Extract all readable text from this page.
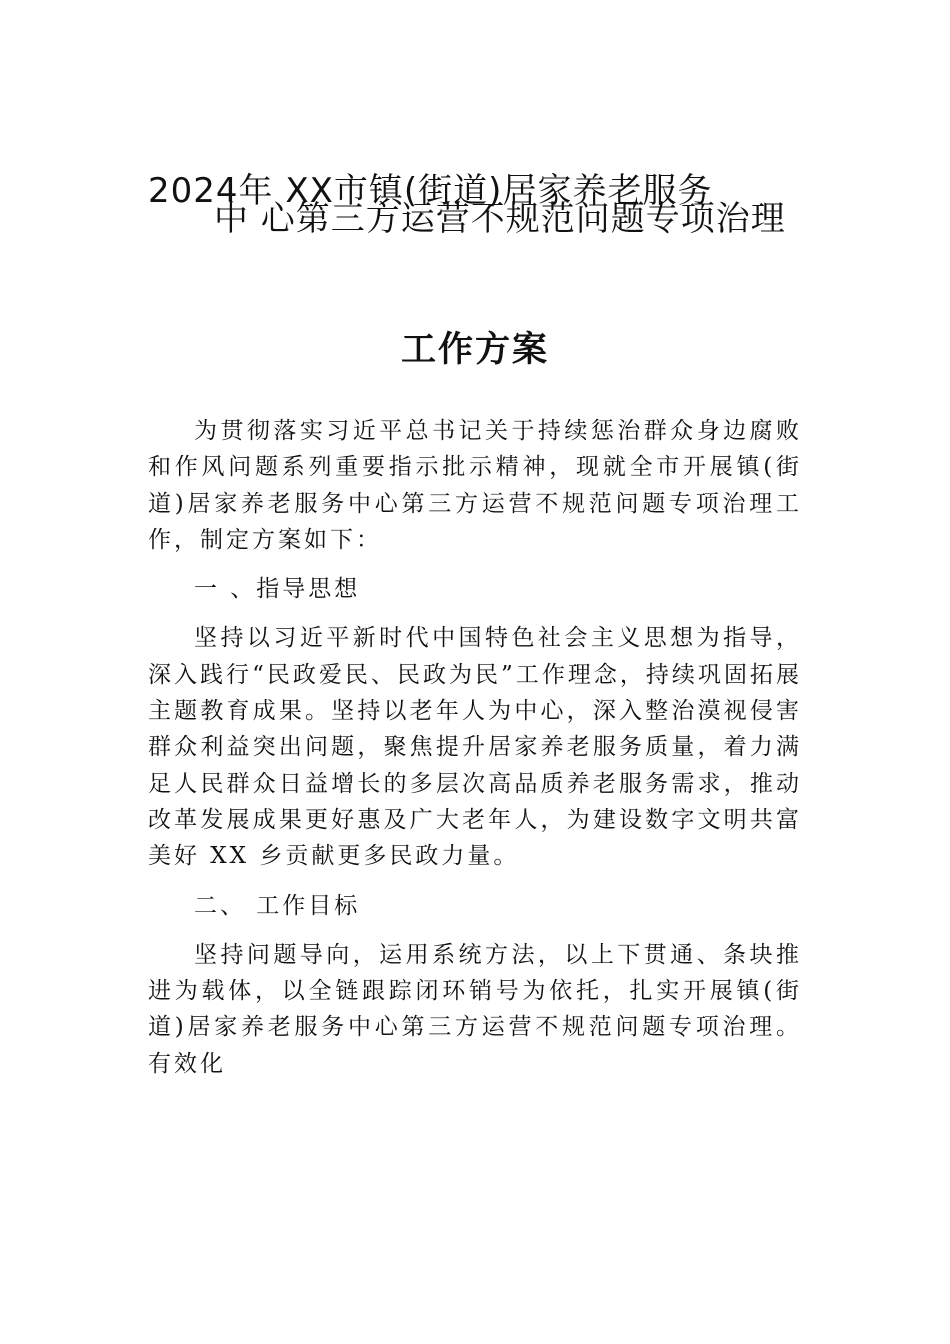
2024年 XX市镇(街道)居家养老服务
中 心第三方运营不规范问题专项治理
工作方案

为贯彻落实习近平总书记关于持续惩治群众身边腐败和作风问题系列重要指示批示精神，现就全市开展镇(街道)居家养老服务中心第三方运营不规范问题专项治理工作，制定方案如下：

一 、指导思想

坚持以习近平新时代中国特色社会主义思想为指导，深入践行“民政爱民、民政为民”工作理念，持续巩固拓展主题教育成果。坚持以老年人为中心，深入整治漠视侵害群众利益突出问题，聚焦提升居家养老服务质量，着力满足人民群众日益增长的多层次高品质养老服务需求，推动改革发展成果更好惠及广大老年人，为建设数字文明共富美好 XX 乡贡献更多民政力量。

二、 工作目标

坚持问题导向，运用系统方法，以上下贯通、条块推进为载体，以全链跟踪闭环销号为依托，扎实开展镇(街道)居家养老服务中心第三方运营不规范问题专项治理。有效化
